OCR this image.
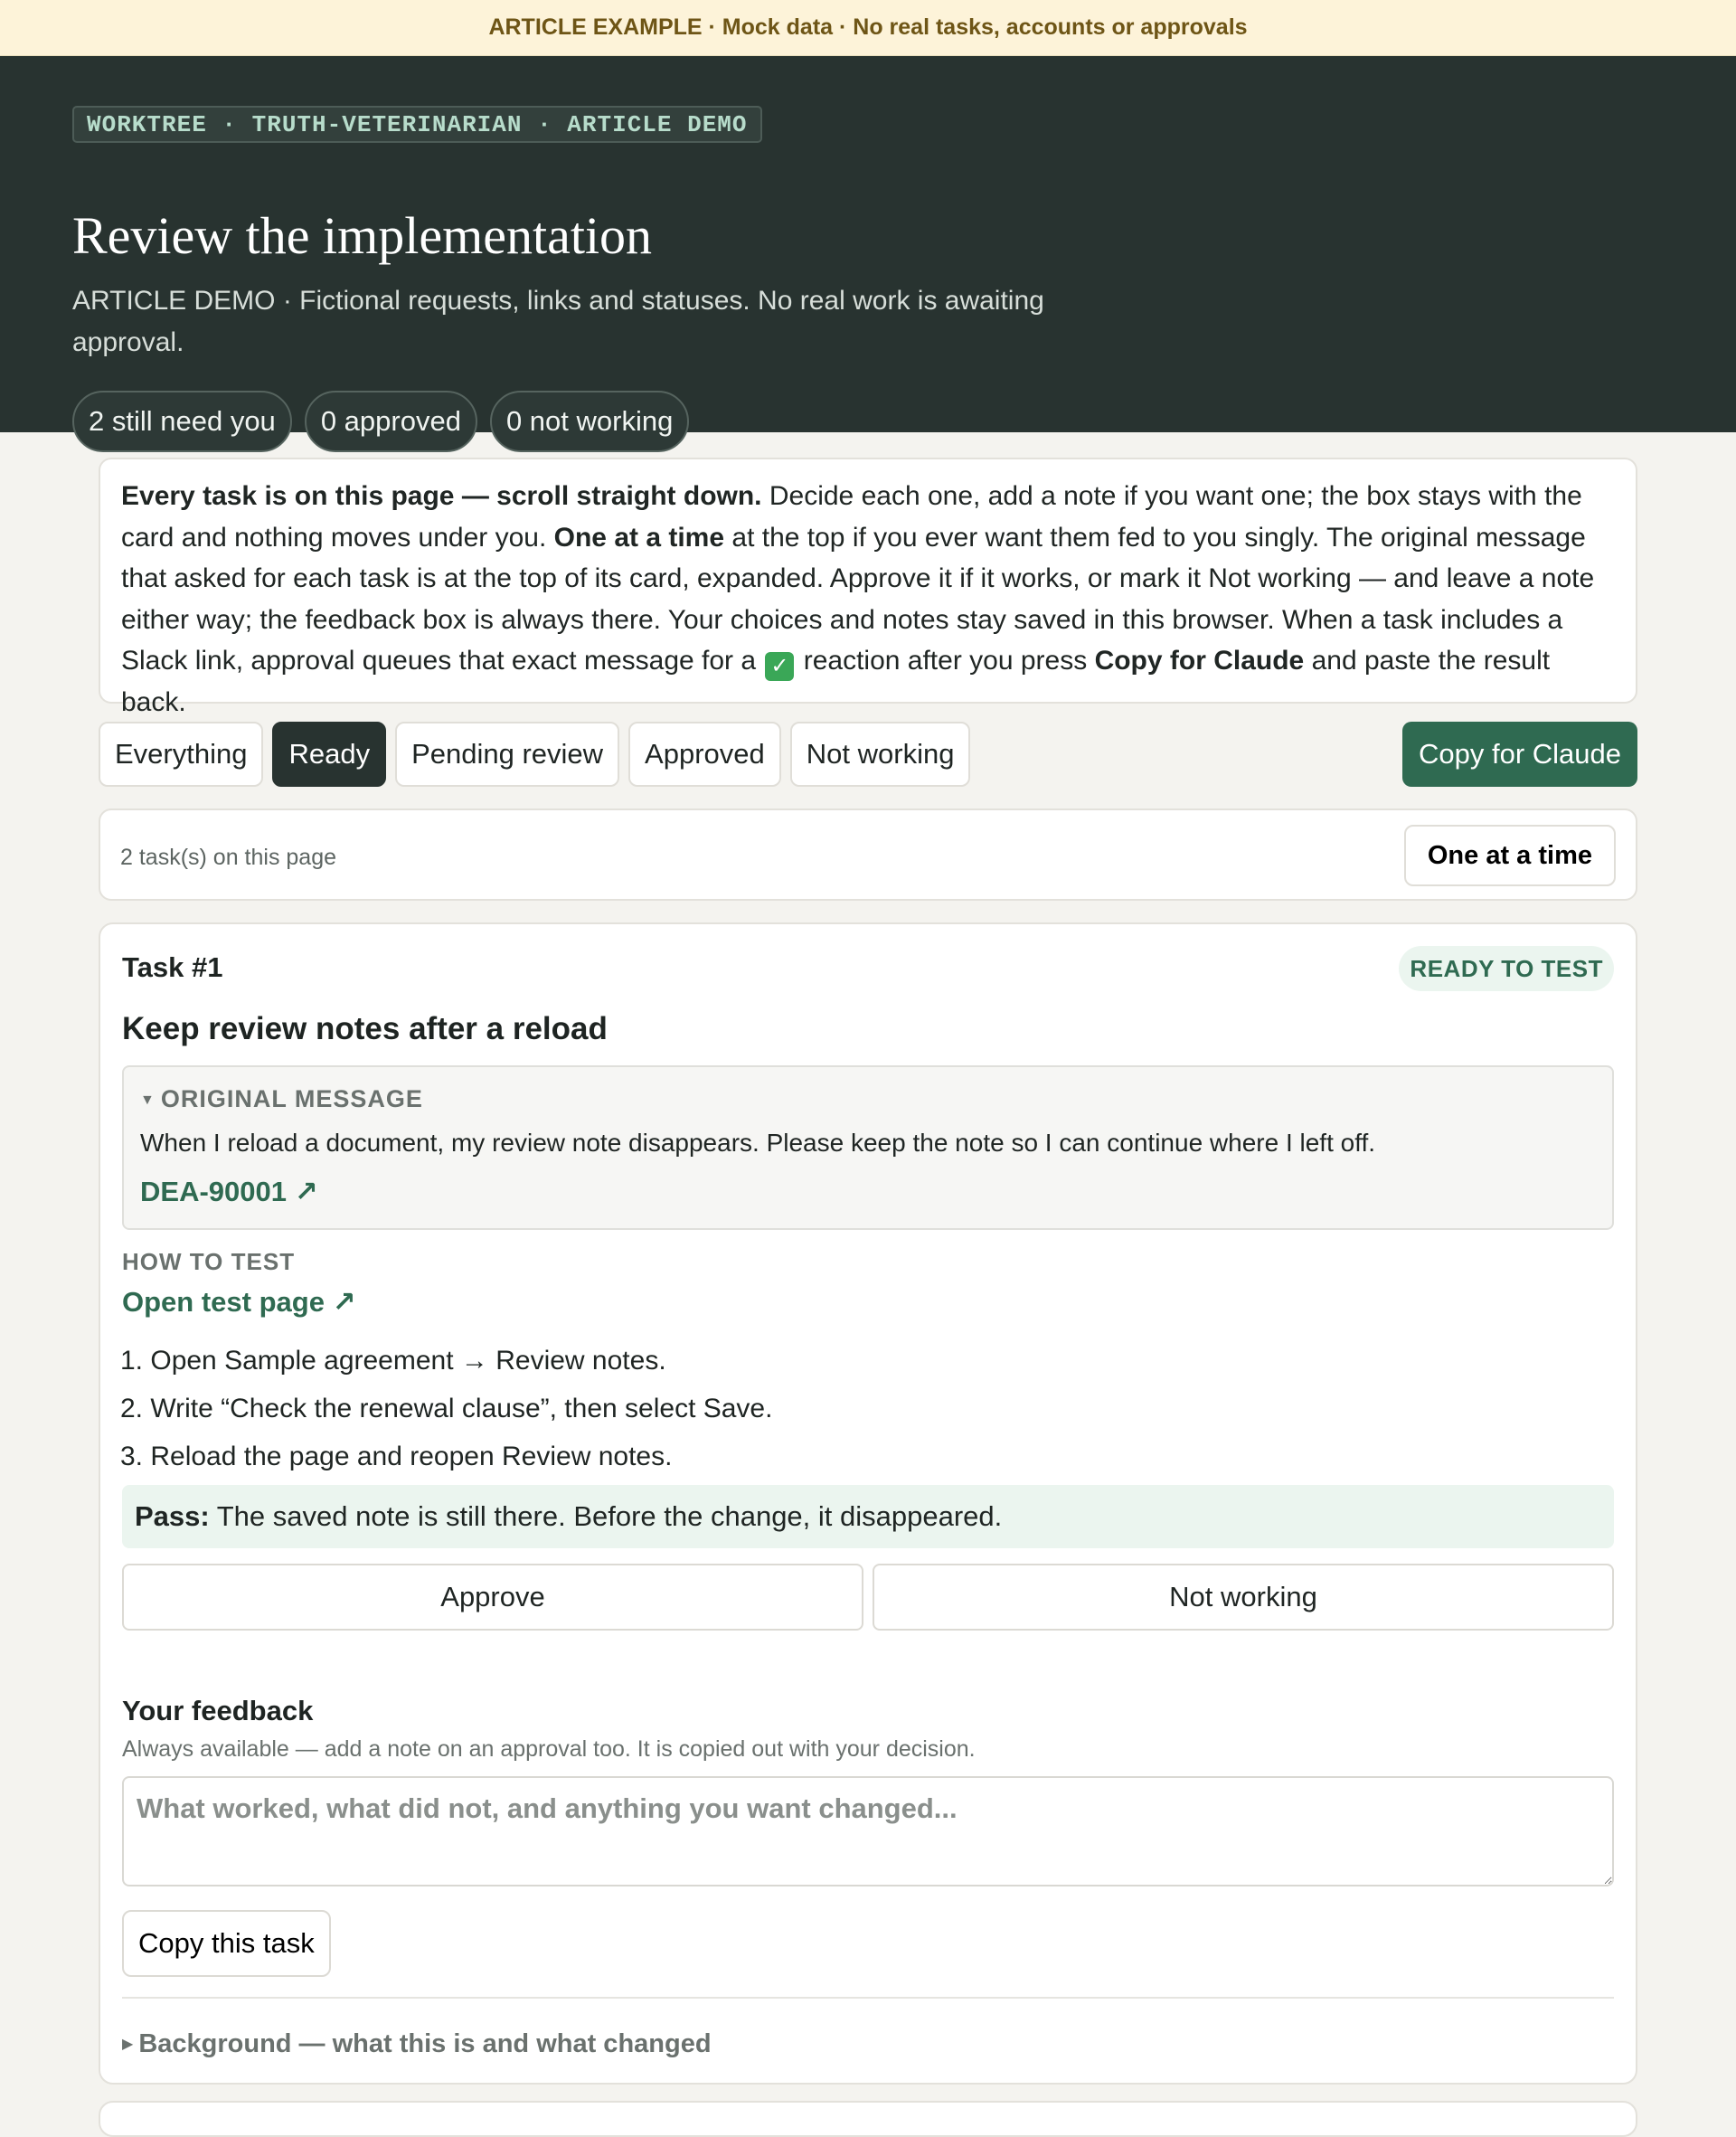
ARTICLE EXAMPLE · Mock data · No real tasks, accounts or approvals
WORKTREE · TRUTH-VETERINARIAN · ARTICLE DEMO
Review the implementation

ARTICLE DEMO · Fictional requests, links and statuses. No real work is awaiting approval.

2 still need you	0 approved	0 not working
Every task is on this page — scroll straight down. Decide each one, add a note if you want one; the box stays with the card and nothing moves under you. One at a time at the top if you ever want them fed to you singly. The original message that asked for each task is at the top of its card, expanded. Approve it if it works, or mark it Not working — and leave a note either way; the feedback box is always there. Your choices and notes stay saved in this browser. When a task includes a Slack link, approval queues that exact message for a ✓ reaction after you press Copy for Claude and paste the result back.
Everything	Ready	Pending review	Approved	Not working	Copy for Claude
2 task(s) on this page	One at a time
Task #1	READY TO TEST
Keep review notes after a reload
▼ ORIGINAL MESSAGE

When I reload a document, my review note disappears. Please keep the note so I can continue where I left off.

DEA-90001 ↗
HOW TO TEST
Open test page ↗
1. Open Sample agreement → Review notes.
2. Write “Check the renewal clause”, then select Save.
3. Reload the page and reopen Review notes.
Pass: The saved note is still there. Before the change, it disappeared.
Approve	Not working
Your feedback

Always available — add a note on an approval too. It is copied out with your decision.

What worked, what did not, and anything you want changed...
Copy this task
▶ Background — what this is and what changed
